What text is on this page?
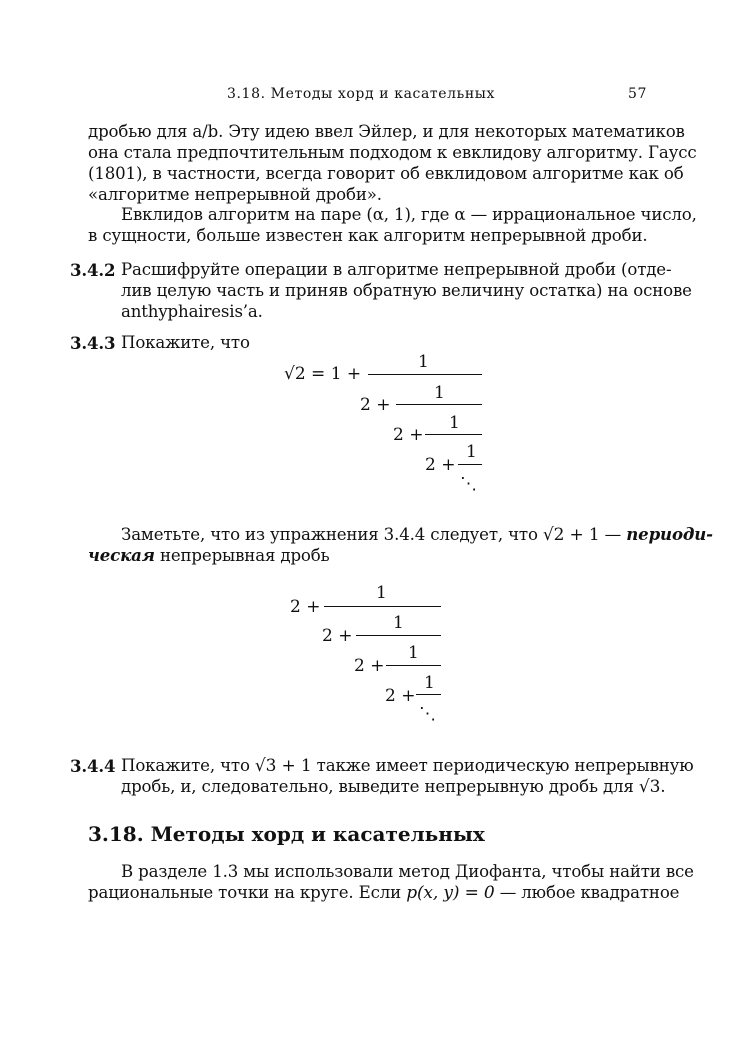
3.18. Методы хорд и касательных	57
дробью для a/b. Эту идею ввел Эйлер, и для некоторых математиков
она стала предпочтительным подходом к евклидову алгоритму. Гаусс
(1801), в частности, всегда говорит об евклидовом алгоритме как об
«алгоритме непрерывной дроби».
Евклидов алгоритм на паре (α, 1), где α — иррациональное число,
в сущности, больше известен как алгоритм непрерывной дроби.
3.4.2 Расшифруйте операции в алгоритме непрерывной дроби (отде-
лив целую часть и приняв обратную величину остатка) на основе
anthyphairesis’а.
3.4.3 Покажите, что
√2 = 1 +
1
2 +
1
2 +
1
2 +
1
⋱
Заметьте, что из упражнения 3.4.4 следует, что √2 + 1 — периоди-
ческая непрерывная дробь
2 +
1
2 +
1
2 +
1
2 +
1
⋱
3.4.4 Покажите, что √3 + 1 также имеет периодическую непрерывную
дробь, и, следовательно, выведите непрерывную дробь для √3.
3.18. Методы хорд и касательных
В разделе 1.3 мы использовали метод Диофанта, чтобы найти все
рациональные точки на круге. Если p(x, y) = 0 — любое квадратное
